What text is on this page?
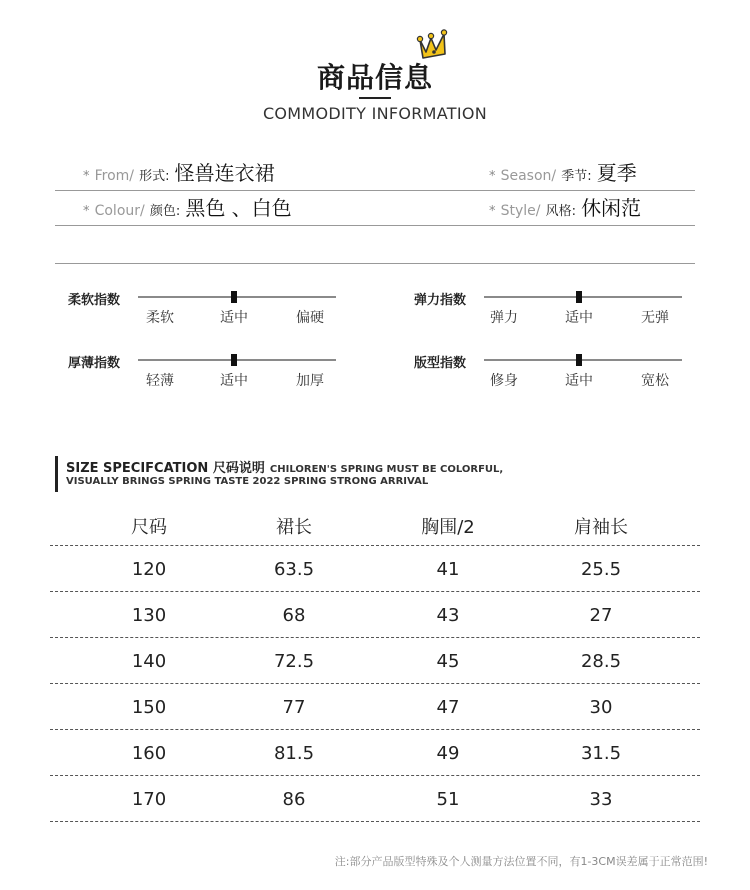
商品信息
COMMODITY INFORMATION
* From/ 形式: 怪兽连衣裙	* Season/ 季节: 夏季
* Colour/ 颜色: 黑色 、白色	* Style/ 风格: 休闲范
柔软指数
柔软	适中	偏硬
弹力指数
弹力	适中	无弹
厚薄指数
轻薄	适中	加厚
版型指数
修身	适中	宽松
SIZE SPECIFCATION 尺码说明 CHILOREN'S SPRING MUST BE COLORFUL,
VISUALLY BRINGS SPRING TASTE 2022 SPRING STRONG ARRIVAL
尺码	裙长	胸围/2	肩袖长
120	63.5	41	25.5
130	68	43	27
140	72.5	45	28.5
150	77	47	30
160	81.5	49	31.5
170	86	51	33
注:部分产品版型特殊及个人测量方法位置不同，有1-3CM误差属于正常范围!
